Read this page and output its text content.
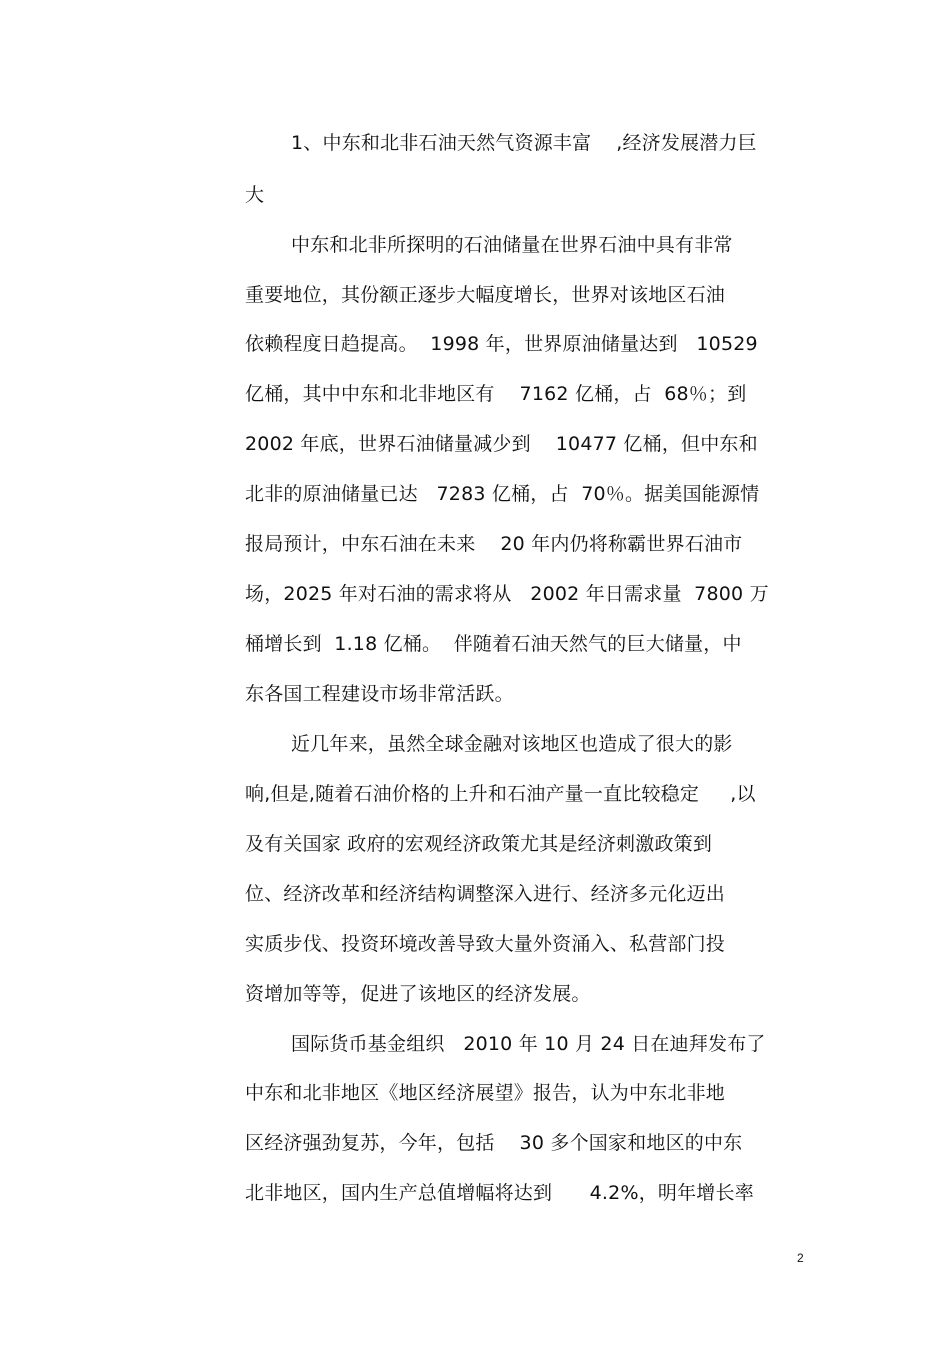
1、中东和北非石油天然气资源丰富    ,经济发展潜力巨
大
中东和北非所探明的石油储量在世界石油中具有非常
重要地位，其份额正逐步大幅度增长，世界对该地区石油
依赖程度日趋提高。  1998 年，世界原油储量达到   10529
亿桶，其中中东和北非地区有    7162 亿桶，占  68％；到
2002 年底，世界石油储量减少到    10477 亿桶，但中东和
北非的原油储量已达   7283 亿桶，占  70％。据美国能源情
报局预计，中东石油在未来    20 年内仍将称霸世界石油市
场，2025 年对石油的需求将从   2002 年日需求量  7800 万
桶增长到  1.18 亿桶。  伴随着石油天然气的巨大储量，中
东各国工程建设市场非常活跃。
近几年来，虽然全球金融对该地区也造成了很大的影
响,但是,随着石油价格的上升和石油产量一直比较稳定     ,以
及有关国家 政府的宏观经济政策尤其是经济刺激政策到
位、经济改革和经济结构调整深入进行、经济多元化迈出
实质步伐、投资环境改善导致大量外资涌入、私营部门投
资增加等等，促进了该地区的经济发展。
国际货币基金组织   2010 年 10 月 24 日在迪拜发布了
中东和北非地区《地区经济展望》报告，认为中东北非地
区经济强劲复苏，今年，包括    30 多个国家和地区的中东
北非地区，国内生产总值增幅将达到      4.2%，明年增长率
2
